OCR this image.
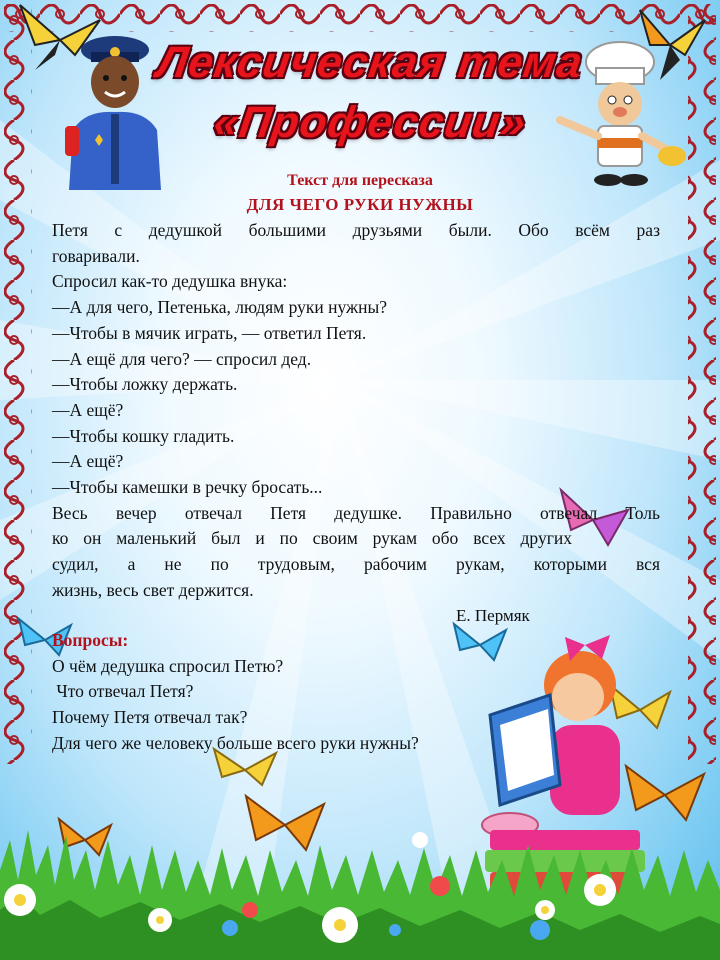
Лексическая тема
«Профессии»
Текст для пересказа
ДЛЯ ЧЕГО РУКИ НУЖНЫ

Петя с дедушкой большими друзьями были. Обо всём раз

говаривали.

Спросил как-то дедушка внука:

—А для чего, Петенька, людям руки нужны?

—Чтобы в мячик играть, — ответил Петя.

—А ещё для чего? — спросил дед.

—Чтобы ложку держать.

—А ещё?

—Чтобы кошку гладить.

—А ещё?

—Чтобы камешки в речку бросать...

Весь вечер отвечал Петя дедушке. Правильно отвечал Толь

ко он маленький был и по своим рукам обо всех других

судил, а не по трудовым, рабочим рукам, которыми вся

жизнь, весь свет держится.

Е. Пермяк

Вопросы:

О чём дедушка спросил Петю?

Что отвечал Петя?

Почему Петя отвечал так?

Для чего же человеку больше всего руки нужны?
